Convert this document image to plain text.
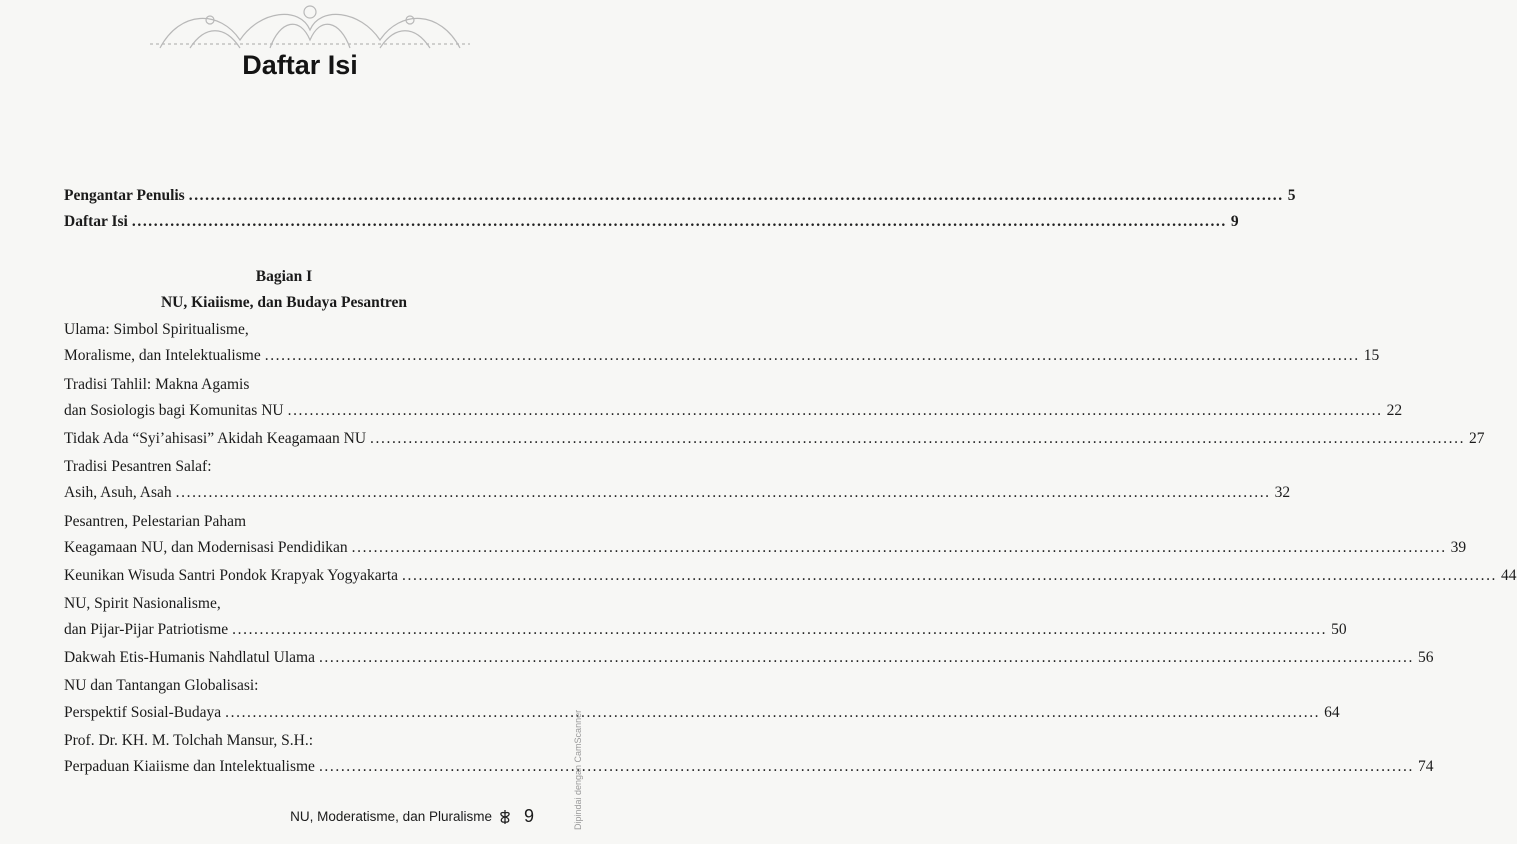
Daftar Isi
Pengantar Penulis ........................................................................................................................................................................................................ 5
Daftar Isi ........................................................................................................................................................................................................ 9
Bagian I
NU, Kiaiisme, dan Budaya Pesantren
Ulama: Simbol Spiritualisme,
Moralisme, dan Intelektualisme ........................................................................................................................................................................................................ 15
Tradisi Tahlil: Makna Agamis
dan Sosiologis bagi Komunitas NU ........................................................................................................................................................................................................ 22
Tidak Ada “Syi’ahisasi” Akidah Keagamaan NU ........................................................................................................................................................................................................ 27
Tradisi Pesantren Salaf:
Asih, Asuh, Asah ........................................................................................................................................................................................................ 32
Pesantren, Pelestarian Paham
Keagamaan NU, dan Modernisasi Pendidikan ........................................................................................................................................................................................................ 39
Keunikan Wisuda Santri Pondok Krapyak Yogyakarta ........................................................................................................................................................................................................ 44
NU, Spirit Nasionalisme,
dan Pijar-Pijar Patriotisme ........................................................................................................................................................................................................ 50
Dakwah Etis-Humanis Nahdlatul Ulama ........................................................................................................................................................................................................ 56
NU dan Tantangan Globalisasi:
Perspektif Sosial-Budaya ........................................................................................................................................................................................................ 64
Prof. Dr. KH. M. Tolchah Mansur, S.H.:
Perpaduan Kiaiisme dan Intelektualisme ........................................................................................................................................................................................................ 74
NU, Moderatisme, dan Pluralisme 9	Dipindai dengan CamScanner
